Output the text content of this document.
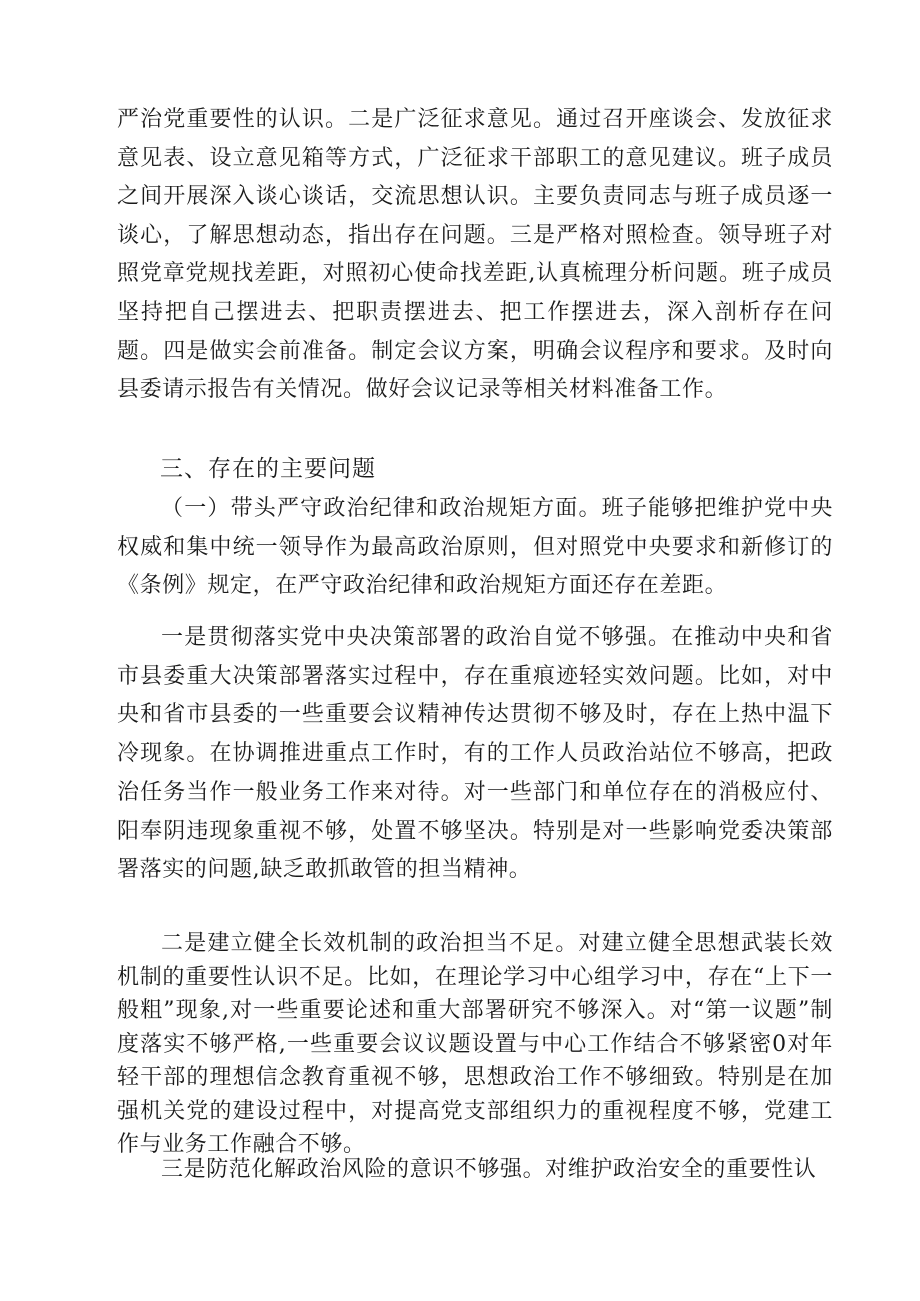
严治党重要性的认识。二是广泛征求意见。通过召开座谈会、发放征求意见表、设立意见箱等方式，广泛征求干部职工的意见建议。班子成员之间开展深入谈心谈话，交流思想认识。主要负责同志与班子成员逐一谈心，了解思想动态，指出存在问题。三是严格对照检查。领导班子对照党章党规找差距，对照初心使命找差距,认真梳理分析问题。班子成员坚持把自己摆进去、把职责摆进去、把工作摆进去，深入剖析存在问题。四是做实会前准备。制定会议方案，明确会议程序和要求。及时向县委请示报告有关情况。做好会议记录等相关材料准备工作。

三、存在的主要问题

（一）带头严守政治纪律和政治规矩方面。班子能够把维护党中央权威和集中统一领导作为最高政治原则，但对照党中央要求和新修订的《条例》规定，在严守政治纪律和政治规矩方面还存在差距。

一是贯彻落实党中央决策部署的政治自觉不够强。在推动中央和省市县委重大决策部署落实过程中，存在重痕迹轻实效问题。比如，对中央和省市县委的一些重要会议精神传达贯彻不够及时，存在上热中温下冷现象。在协调推进重点工作时，有的工作人员政治站位不够高，把政治任务当作一般业务工作来对待。对一些部门和单位存在的消极应付、阳奉阴违现象重视不够，处置不够坚决。特别是对一些影响党委决策部署落实的问题,缺乏敢抓敢管的担当精神。

二是建立健全长效机制的政治担当不足。对建立健全思想武装长效机制的重要性认识不足。比如，在理论学习中心组学习中，存在“上下一般粗”现象,对一些重要论述和重大部署研究不够深入。对“第一议题”制度落实不够严格,一些重要会议议题设置与中心工作结合不够紧密0对年轻干部的理想信念教育重视不够，思想政治工作不够细致。特别是在加强机关党的建设过程中，对提高党支部组织力的重视程度不够，党建工作与业务工作融合不够。

三是防范化解政治风险的意识不够强。对维护政治安全的重要性认
